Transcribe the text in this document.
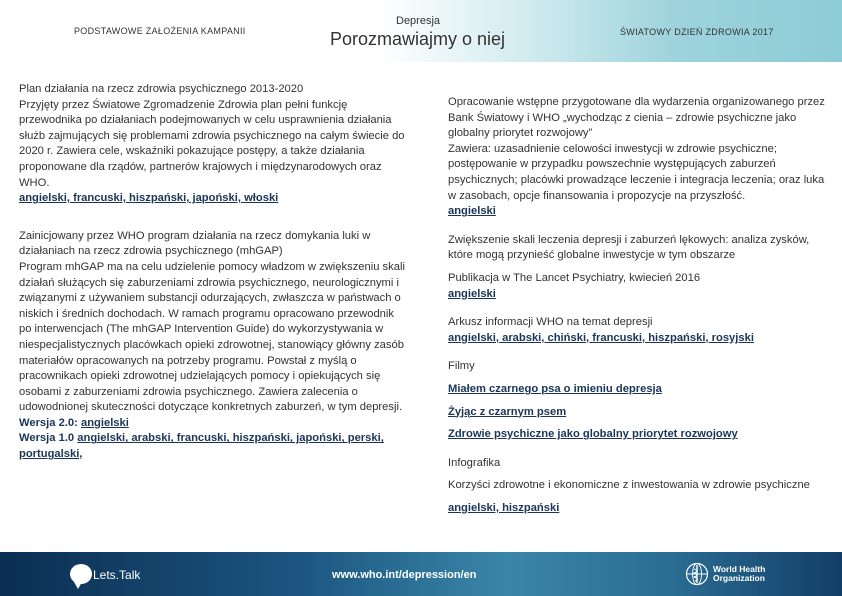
PODSTAWOWE ZAŁOŻENIA KAMPANII
Depresja
Porozmawiajmy o niej	ŚWIATOWY DZIEŃ ZDROWIA 2017

Plan działania na rzecz zdrowia psychicznego 2013-2020

Przyjęty przez Światowe Zgromadzenie Zdrowia plan pełni funkcję przewodnika po działaniach podejmowanych w celu usprawnienia działania służb zajmujących się problemami zdrowia psychicznego na całym świecie do 2020 r. Zawiera cele, wskaźniki pokazujące postępy, a także działania proponowane dla rządów, partnerów krajowych i międzynarodowych oraz WHO.

angielski, francuski, hiszpański, japoński, włoski

Zainicjowany przez WHO program działania na rzecz domykania luki w działaniach na rzecz zdrowia psychicznego (mhGAP)

Program mhGAP ma na celu udzielenie pomocy władzom w zwiększeniu skali działań służących się zaburzeniami zdrowia psychicznego, neurologicznymi i związanymi z używaniem substancji odurzających, zwłaszcza w państwach o niskich i średnich dochodach. W ramach programu opracowano przewodnik po interwencjach (The mhGAP Intervention Guide) do wykorzystywania w niespecjalistycznych placówkach opieki zdrowotnej, stanowiący główny zasób materiałów opracowanych na potrzeby programu. Powstał z myślą o pracownikach opieki zdrowotnej udzielających pomocy i opiekujących się osobami z zaburzeniami zdrowia psychicznego. Zawiera zalecenia o udowodnionej skuteczności dotyczące konkretnych zaburzeń, w tym depresji.

Wersja 2.0: angielski

Wersja 1.0 angielski, arabski, francuski, hiszpański, japoński, perski, portugalski,

Opracowanie wstępne przygotowane dla wydarzenia organizowanego przez Bank Światowy i WHO „wychodząc z cienia – zdrowie psychiczne jako globalny priorytet rozwojowy”
Zawiera: uzasadnienie celowości inwestycji w zdrowie psychiczne; postępowanie w przypadku powszechnie występujących zaburzeń psychicznych; placówki prowadzące leczenie i integracja leczenia; oraz luka w zasobach, opcje finansowania i propozycje na przyszłość.

angielski

Zwiększenie skali leczenia depresji i zaburzeń lękowych: analiza zysków, które mogą przynieść globalne inwestycje w tym obszarze

Publikacja w The Lancet Psychiatry, kwiecień 2016

angielski

Arkusz informacji WHO na temat depresji

angielski, arabski, chiński, francuski, hiszpański, rosyjski

Filmy

Miałem czarnego psa o imieniu depresja

Żyjąc z czarnym psem

Zdrowie psychiczne jako globalny priorytet rozwojowy

Infografika

Korzyści zdrowotne i ekonomiczne z inwestowania w zdrowie psychiczne

angielski, hiszpański

Lets.Talk	www.who.int/depression/en
World Health
Organization
